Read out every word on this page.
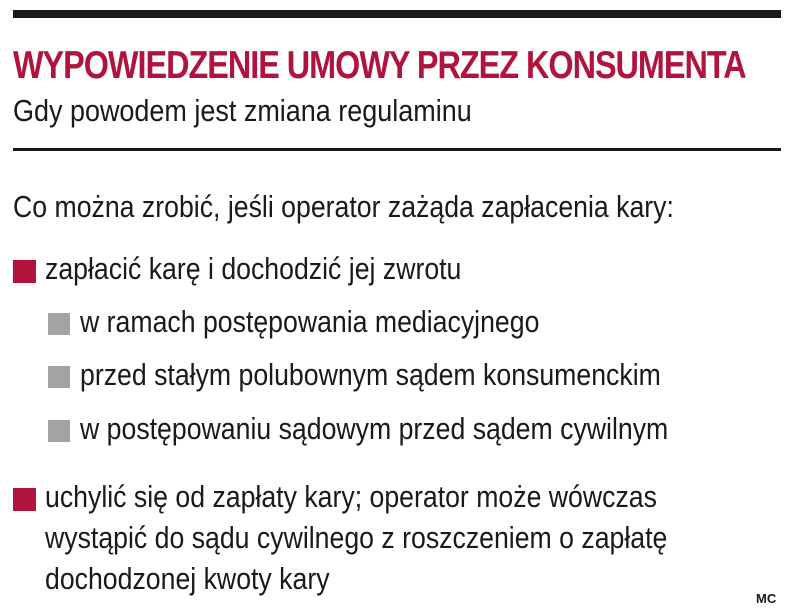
WYPOWIEDZENIE UMOWY PRZEZ KONSUMENTA
Gdy powodem jest zmiana regulaminu
Co można zrobić, jeśli operator zażąda zapłacenia kary:
zapłacić karę i dochodzić jej zwrotu
w ramach postępowania mediacyjnego
przed stałym polubownym sądem konsumenckim
w postępowaniu sądowym przed sądem cywilnym
uchylić się od zapłaty kary; operator może wówczas
wystąpić do sądu cywilnego z roszczeniem o zapłatę
dochodzonej kwoty kary
MC
